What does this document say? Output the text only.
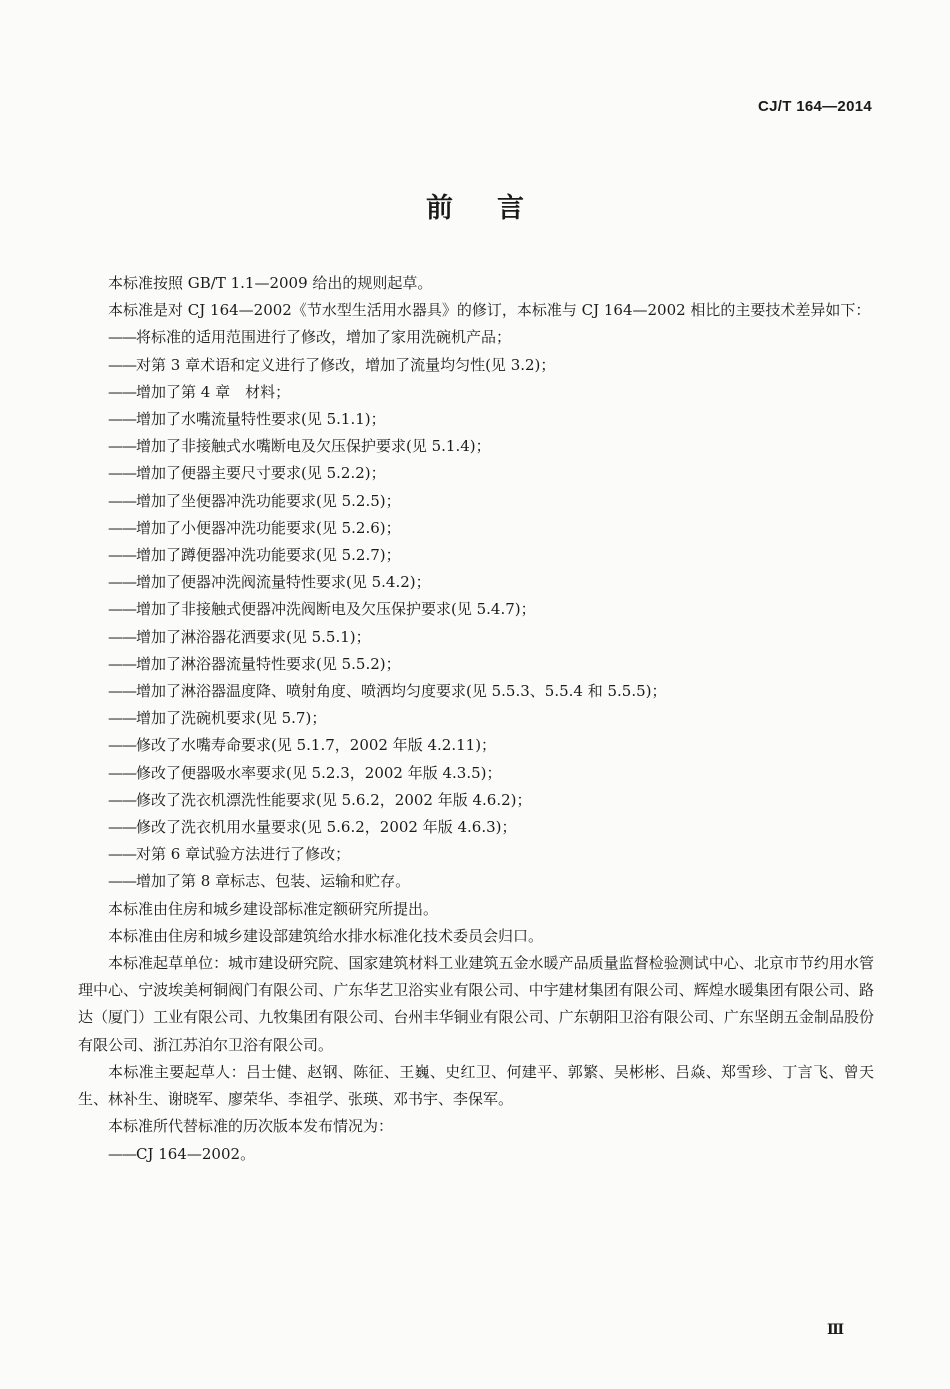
CJ/T 164—2014
前言

本标准按照 GB/T 1.1—2009 给出的规则起草。

本标准是对 CJ 164—2002《节水型生活用水器具》的修订，本标准与 CJ 164—2002 相比的主要技术差异如下：

——将标准的适用范围进行了修改，增加了家用洗碗机产品；
——对第 3 章术语和定义进行了修改，增加了流量均匀性(见 3.2)；
——增加了第 4 章　材料；
——增加了水嘴流量特性要求(见 5.1.1)；
——增加了非接触式水嘴断电及欠压保护要求(见 5.1.4)；
——增加了便器主要尺寸要求(见 5.2.2)；
——增加了坐便器冲洗功能要求(见 5.2.5)；
——增加了小便器冲洗功能要求(见 5.2.6)；
——增加了蹲便器冲洗功能要求(见 5.2.7)；
——增加了便器冲洗阀流量特性要求(见 5.4.2)；
——增加了非接触式便器冲洗阀断电及欠压保护要求(见 5.4.7)；
——增加了淋浴器花洒要求(见 5.5.1)；
——增加了淋浴器流量特性要求(见 5.5.2)；
——增加了淋浴器温度降、喷射角度、喷洒均匀度要求(见 5.5.3、5.5.4 和 5.5.5)；
——增加了洗碗机要求(见 5.7)；
——修改了水嘴寿命要求(见 5.1.7，2002 年版 4.2.11)；
——修改了便器吸水率要求(见 5.2.3，2002 年版 4.3.5)；
——修改了洗衣机漂洗性能要求(见 5.6.2，2002 年版 4.6.2)；
——修改了洗衣机用水量要求(见 5.6.2，2002 年版 4.6.3)；
——对第 6 章试验方法进行了修改；
——增加了第 8 章标志、包装、运输和贮存。

本标准由住房和城乡建设部标准定额研究所提出。

本标准由住房和城乡建设部建筑给水排水标准化技术委员会归口。

本标准起草单位：城市建设研究院、国家建筑材料工业建筑五金水暖产品质量监督检验测试中心、北京市节约用水管理中心、宁波埃美柯铜阀门有限公司、广东华艺卫浴实业有限公司、中宇建材集团有限公司、辉煌水暖集团有限公司、路达（厦门）工业有限公司、九牧集团有限公司、台州丰华铜业有限公司、广东朝阳卫浴有限公司、广东坚朗五金制品股份有限公司、浙江苏泊尔卫浴有限公司。

本标准主要起草人：吕士健、赵钢、陈征、王巍、史红卫、何建平、郭繁、吴彬彬、吕焱、郑雪珍、丁言飞、曾天生、林补生、谢晓军、廖荣华、李祖学、张瑛、邓书宇、李保军。

本标准所代替标准的历次版本发布情况为：

——CJ 164—2002。
Ⅲ
